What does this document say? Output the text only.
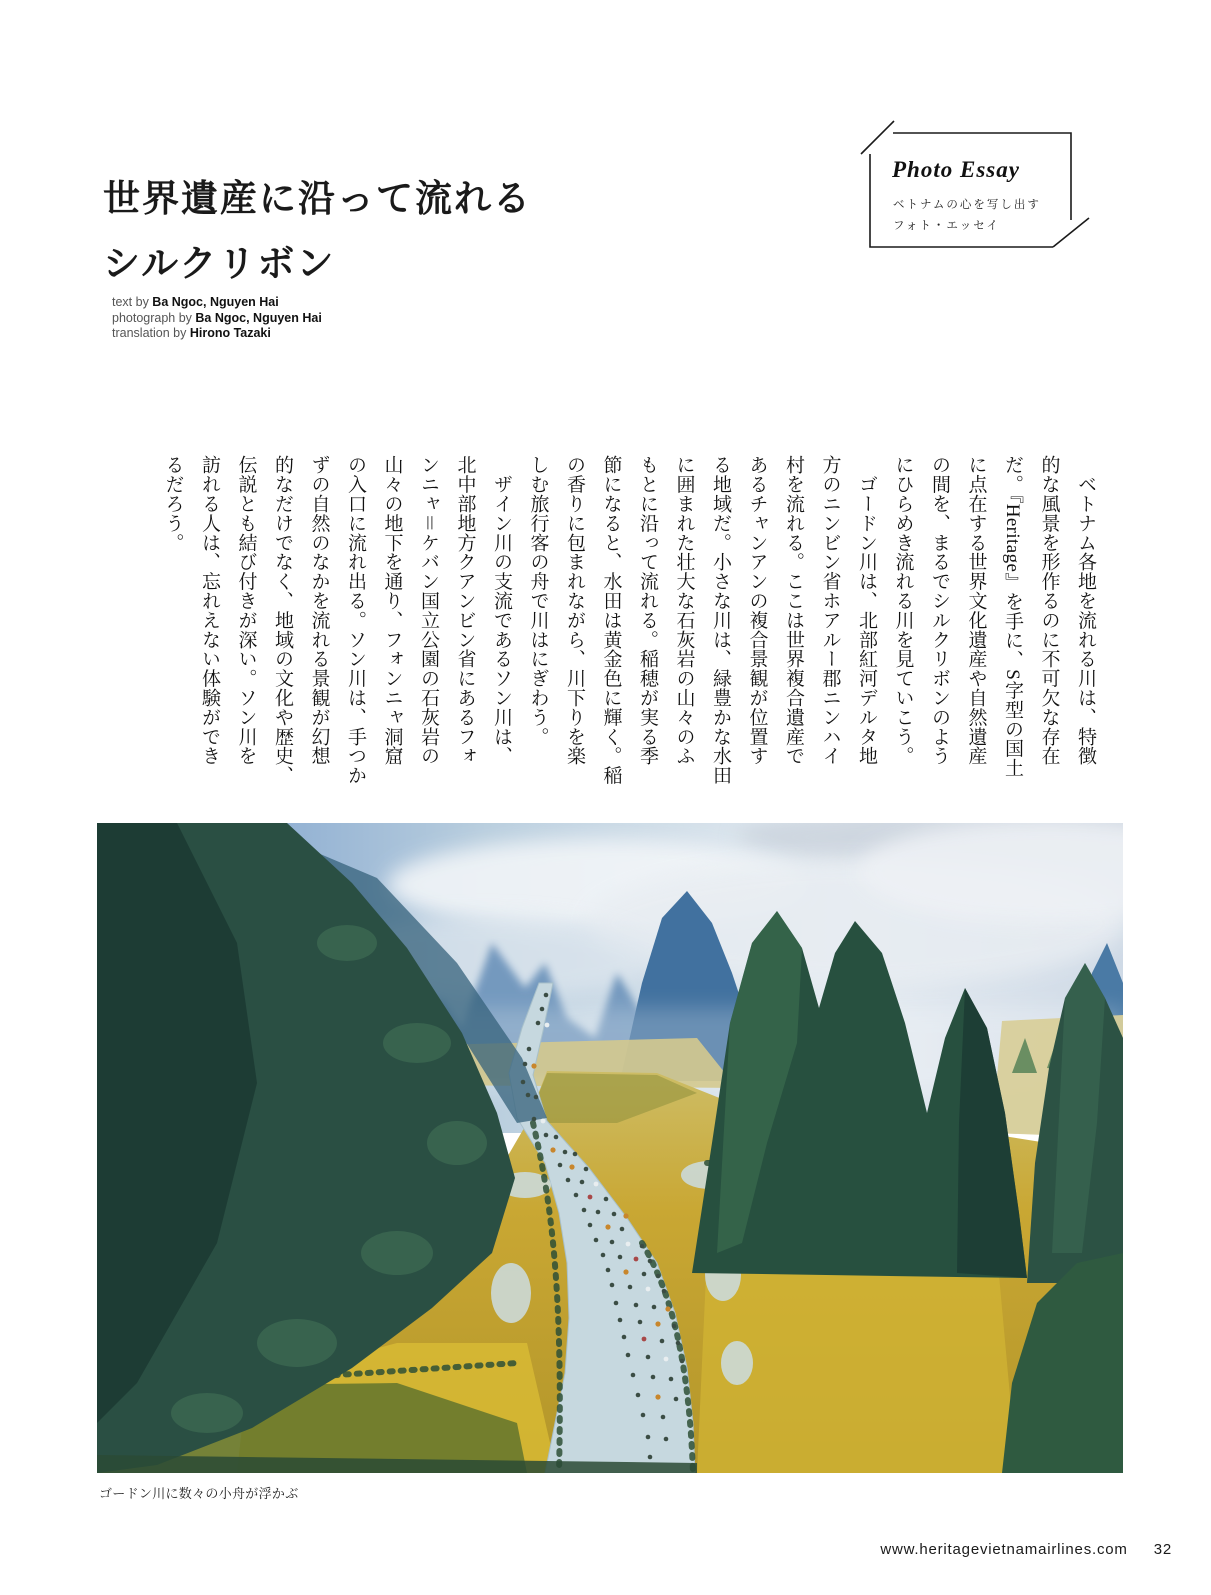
世界遺産に沿って流れる
シルクリボン
text by Ba Ngoc, Nguyen Hai
photograph by Ba Ngoc, Nguyen Hai
translation by Hirono Tazaki
Photo Essay
ベトナムの心を写し出す
フォト・エッセイ
　ベトナム各地を流れる川は、特徴
的な風景を形作るのに不可欠な存在
だ。『Heritage』を手に、S字型の国土
に点在する世界文化遺産や自然遺産
の間を、まるでシルクリボンのよう
にひらめき流れる川を見ていこう。
　ゴードン川は、北部紅河デルタ地
方のニンビン省ホアルー郡ニンハイ
村を流れる。ここは世界複合遺産で
あるチャンアンの複合景観が位置す
る地域だ。小さな川は、緑豊かな水田
に囲まれた壮大な石灰岩の山々のふ
もとに沿って流れる。稲穂が実る季
節になると、水田は黄金色に輝く。稲
の香りに包まれながら、川下りを楽
しむ旅行客の舟で川はにぎわう。
　ザイン川の支流であるソン川は、
北中部地方クアンビン省にあるフォ
ンニャ＝ケバン国立公園の石灰岩の
山々の地下を通り、フォンニャ洞窟
の入口に流れ出る。ソン川は、手つか
ずの自然のなかを流れる景観が幻想
的なだけでなく、地域の文化や歴史、
伝説とも結び付きが深い。ソン川を
訪れる人は、忘れえない体験ができ
るだろう。
ゴードン川に数々の小舟が浮かぶ
www.heritagevietnamairlines.com 32
